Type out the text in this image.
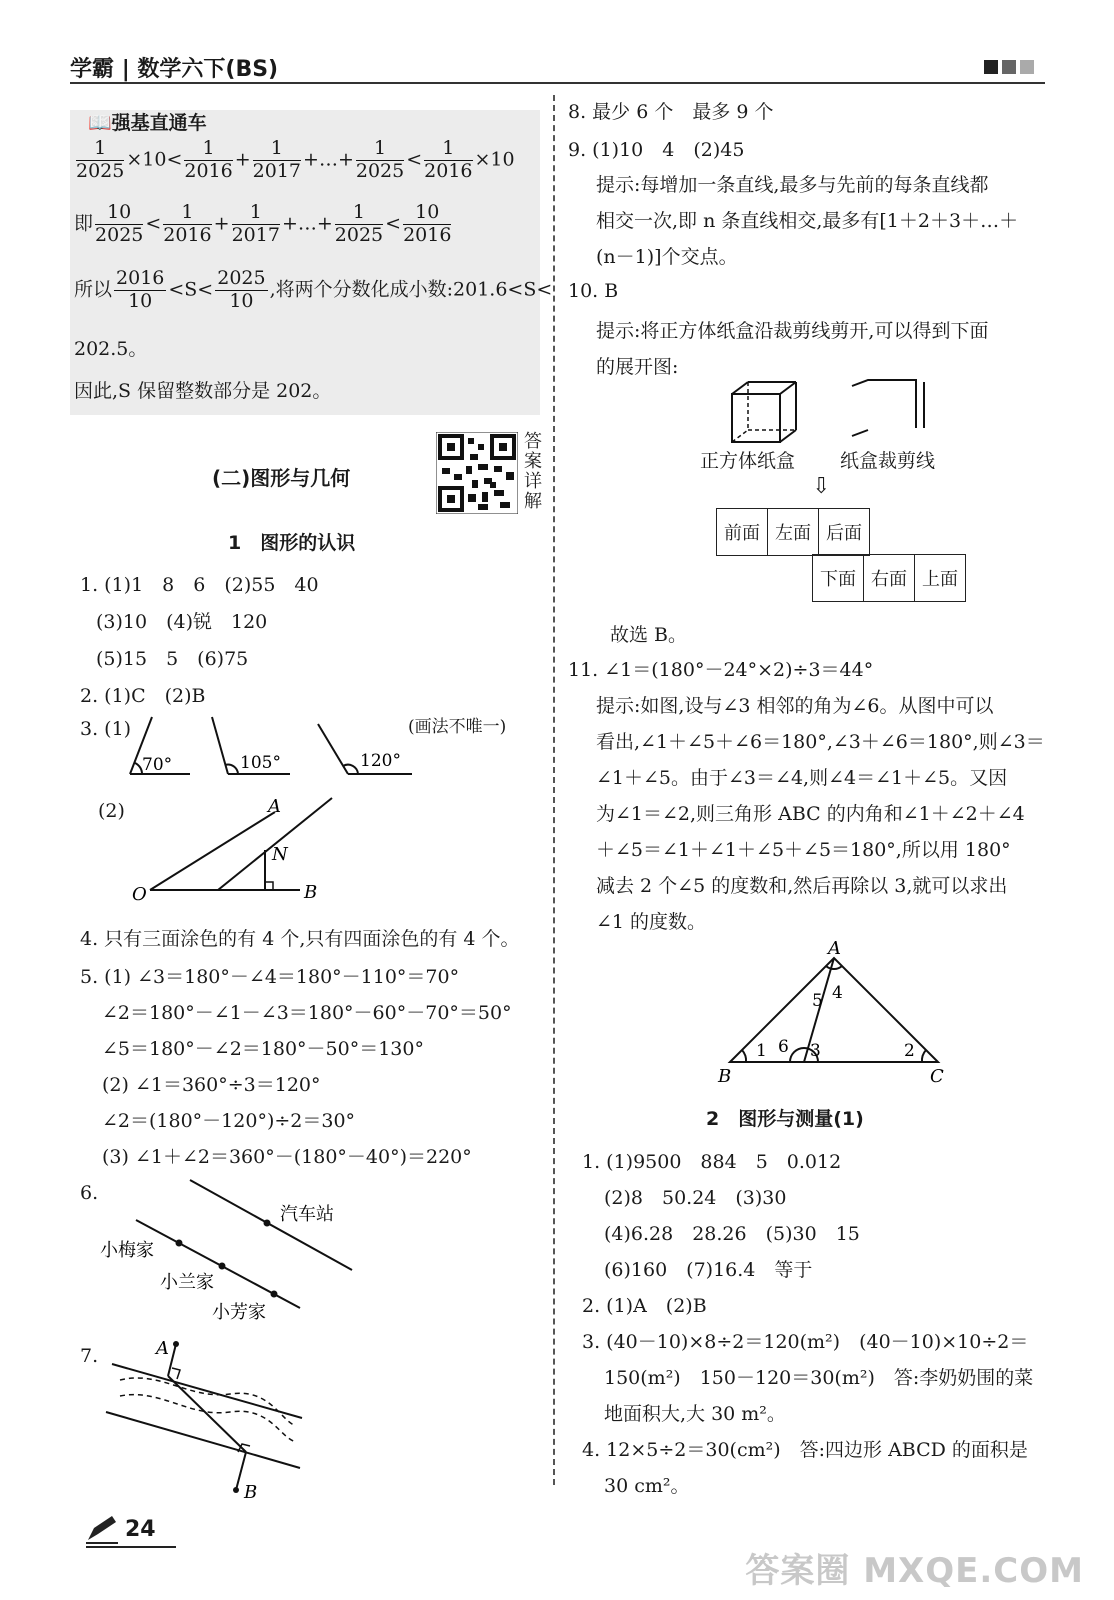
学霸 | 数学六下(BS)
📖强基直通车
$\frac{1}{2025} \times 10< \frac{1}{2016} + \frac{1}{2017}$ +…+ $\frac{1}{2025} < \frac{1}{2016} \times 10$
即 $\frac{10}{2025} < \frac{1}{2016} + \frac{1}{2017}$ +…+ $\frac{1}{2025} < \frac{10}{2016}$
所以 $\frac{2016}{10} <S< \frac{2025}{10}$ ,将两个分数化成小数:201.6<S<
202.5。
因此,S 保留整数部分是 202。
(二)图形与几何
答案详解
1　图形的认识
1. (1)1　8　6　(2)55　40
(3)10　(4)锐　120
(5)15　5　(6)75
2. (1)C　(2)B
3. (1)	(画法不唯一)
70°	105°	120°
(2)	A
N
O	B
4. 只有三面涂色的有 4 个,只有四面涂色的有 4 个。
5. (1) ∠3＝180°－∠4＝180°－110°＝70°
∠2＝180°－∠1－∠3＝180°－60°－70°＝50°
∠5＝180°－∠2＝180°－50°＝130°
(2) ∠1＝360°÷3＝120°
∠2＝(180°－120°)÷2＝30°
(3) ∠1＋∠2＝360°－(180°－40°)＝220°
6.
汽车站
小梅家
小兰家
小芳家
7.	A
B
8. 最少 6 个　最多 9 个
9. (1)10　4　(2)45
提示:每增加一条直线,最多与先前的每条直线都
相交一次,即 n 条直线相交,最多有[1＋2＋3＋…＋
(n－1)]个交点。
10. B
提示:将正方体纸盒沿裁剪线剪开,可以得到下面
的展开图:
正方体纸盒 纸盒裁剪线
⇩
前面	左面	后面
下面	右面	上面
故选 B。
11. ∠1＝(180°－24°×2)÷3＝44°
提示:如图,设与∠3 相邻的角为∠6。从图中可以
看出,∠1＋∠5＋∠6＝180°,∠3＋∠6＝180°,则∠3＝
∠1＋∠5。由于∠3＝∠4,则∠4＝∠1＋∠5。又因
为∠1＝∠2,则三角形 ABC 的内角和∠1＋∠2＋∠4
＋∠5＝∠1＋∠1＋∠5＋∠5＝180°,所以用 180°
减去 2 个∠5 的度数和,然后再除以 3,就可以求出
∠1 的度数。
A
B	C
1	2
3
4
5
6
2　图形与测量(1)
1. (1)9500　884　5　0.012
(2)8　50.24　(3)30
(4)6.28　28.26　(5)30　15
(6)160　(7)16.4　等于
2. (1)A　(2)B
3. (40－10)×8÷2＝120(m²)　(40－10)×10÷2＝
150(m²)　150－120＝30(m²)　答:李奶奶围的菜
地面积大,大 30 m²。
4. 12×5÷2＝30(cm²)　答:四边形 ABCD 的面积是
30 cm²。
24
答案圈 MXQE.COM
